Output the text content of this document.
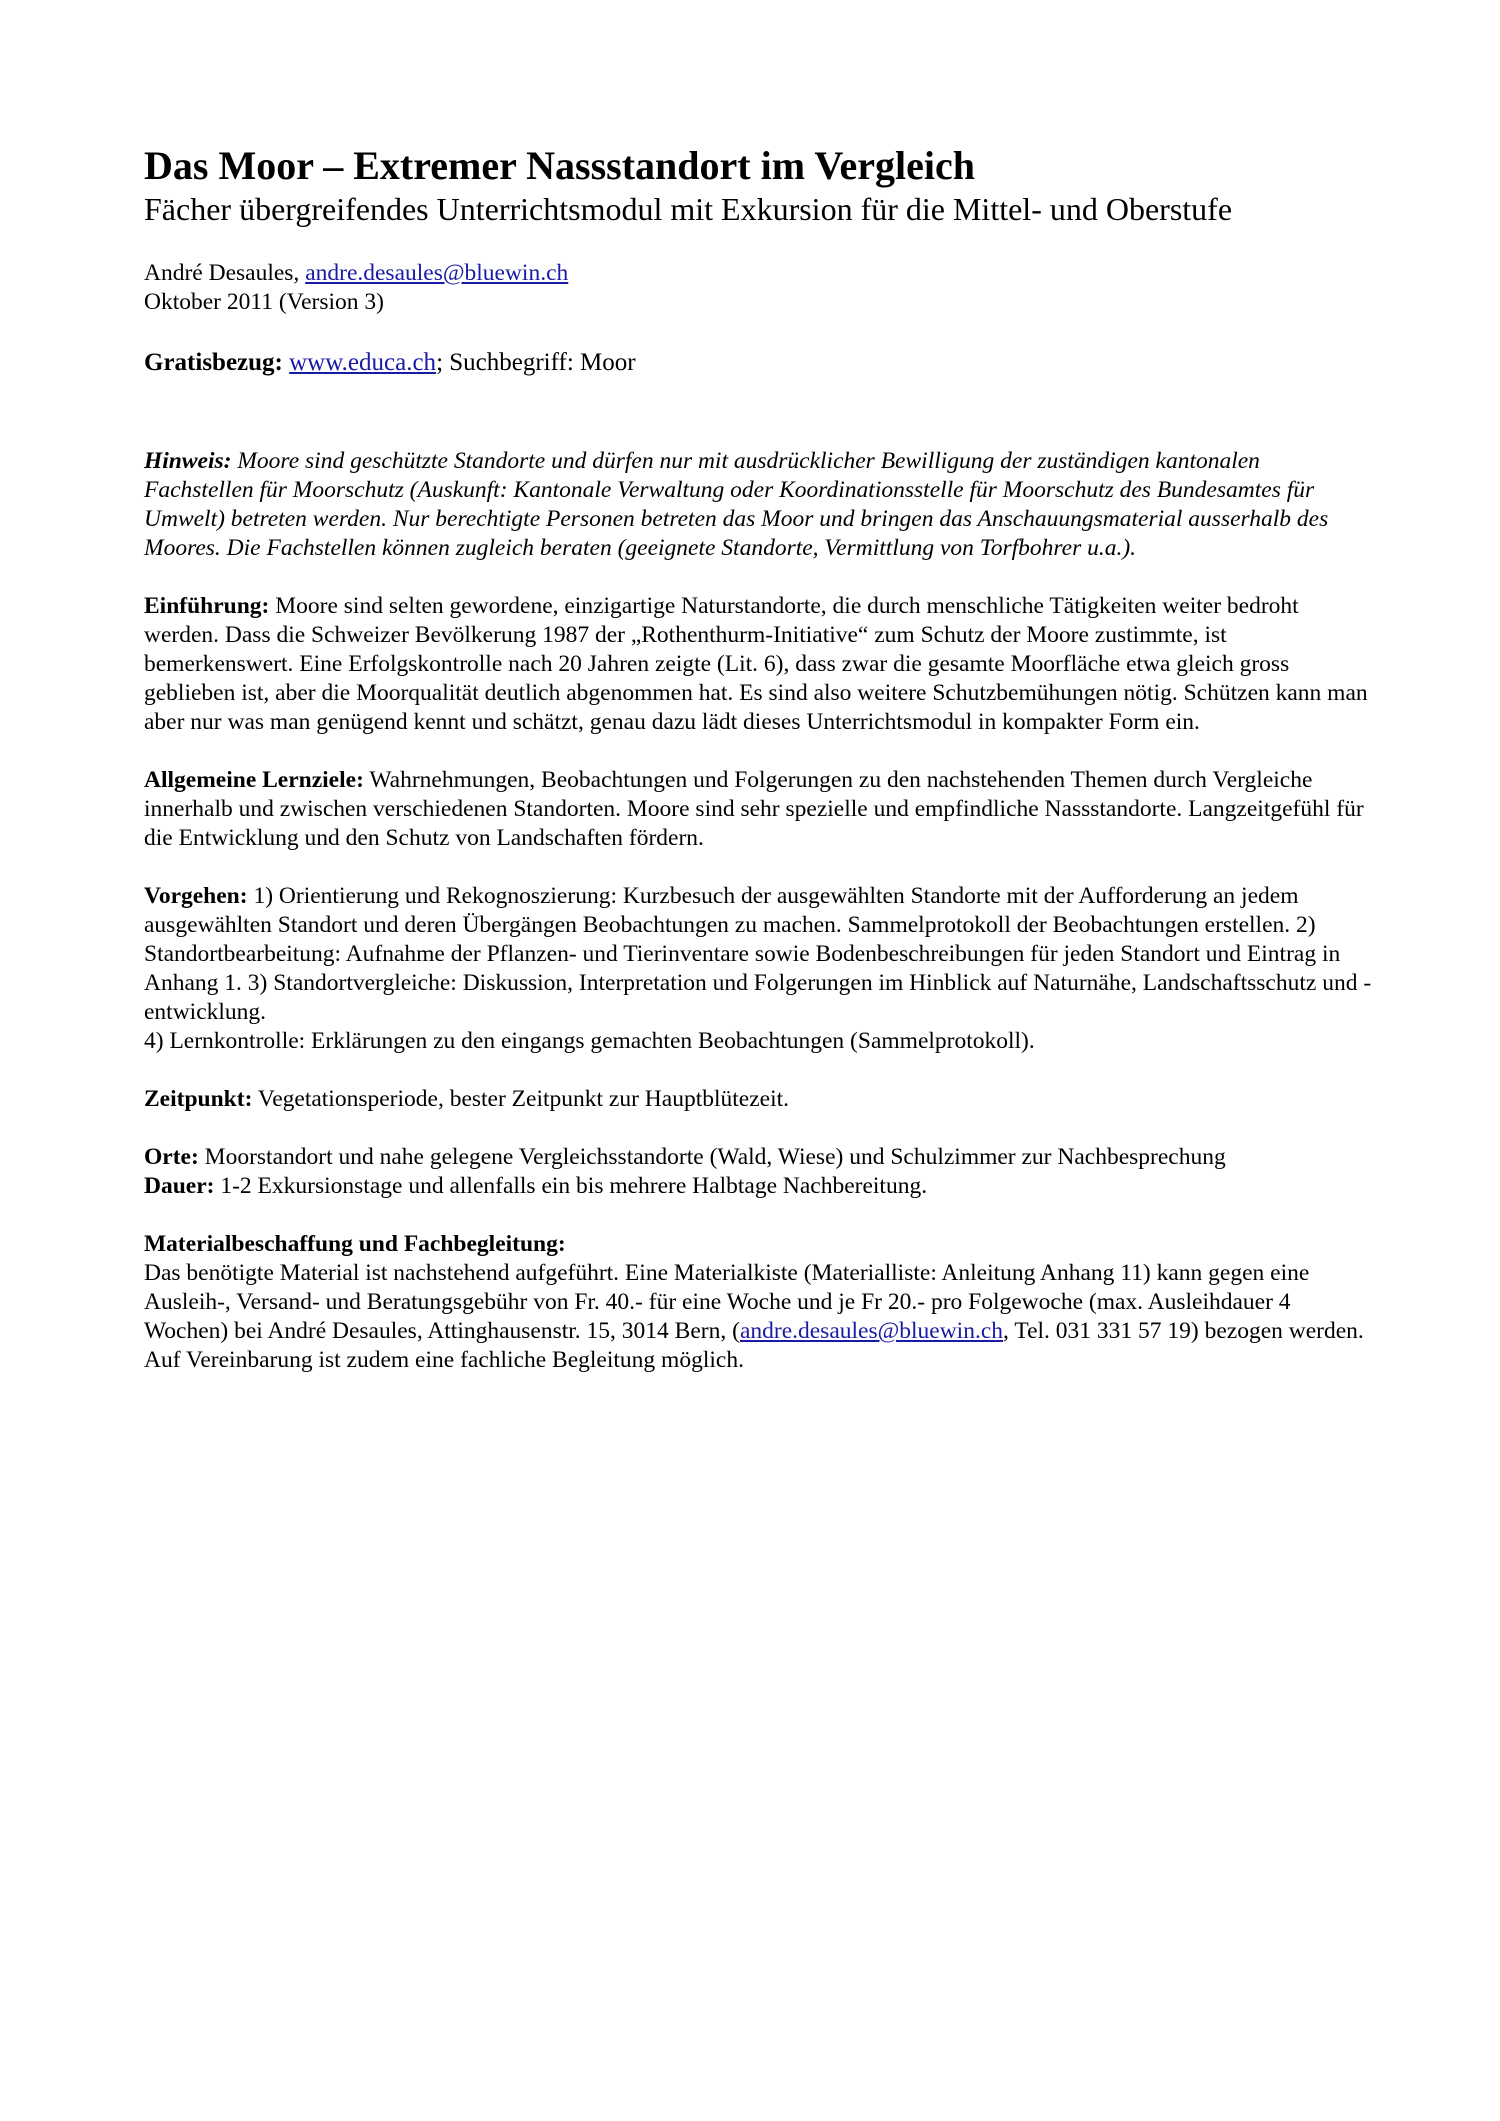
Das Moor – Extremer Nassstandort im Vergleich
Fächer übergreifendes Unterrichtsmodul mit Exkursion für die Mittel- und Oberstufe

André Desaules, andre.desaules@bluewin.ch

Oktober 2011 (Version 3)

Gratisbezug: www.educa.ch; Suchbegriff: Moor

Hinweis: Moore sind geschützte Standorte und dürfen nur mit ausdrücklicher Bewilligung der zuständigen kantonalen Fachstellen für Moorschutz (Auskunft: Kantonale Verwaltung oder Koordinationsstelle für Moorschutz des Bundesamtes für Umwelt) betreten werden. Nur berechtigte Personen betreten das Moor und bringen das Anschauungsmaterial ausserhalb des Moores. Die Fachstellen können zugleich beraten (geeignete Standorte, Vermittlung von Torfbohrer u.a.).

Einführung: Moore sind selten gewordene, einzigartige Naturstandorte, die durch menschliche Tätigkeiten weiter bedroht werden. Dass die Schweizer Bevölkerung 1987 der „Rothenthurm-Initiative“ zum Schutz der Moore zustimmte, ist bemerkenswert. Eine Erfolgskontrolle nach 20 Jahren zeigte (Lit. 6), dass zwar die gesamte Moorfläche etwa gleich gross geblieben ist, aber die Moorqualität deutlich abgenommen hat. Es sind also weitere Schutzbemühungen nötig. Schützen kann man aber nur was man genügend kennt und schätzt, genau dazu lädt dieses Unterrichtsmodul in kompakter Form ein.

Allgemeine Lernziele: Wahrnehmungen, Beobachtungen und Folgerungen zu den nachstehenden Themen durch Vergleiche innerhalb und zwischen verschiedenen Standorten. Moore sind sehr spezielle und empfindliche Nassstandorte. Langzeitgefühl für die Entwicklung und den Schutz von Landschaften fördern.

Vorgehen: 1) Orientierung und Rekognoszierung: Kurzbesuch der ausgewählten Standorte mit der Aufforderung an jedem ausgewählten Standort und deren Übergängen Beobachtungen zu machen. Sammelprotokoll der Beobachtungen erstellen. 2) Standortbearbeitung: Aufnahme der Pflanzen- und Tierinventare sowie Bodenbeschreibungen für jeden Standort und Eintrag in Anhang 1. 3) Standortvergleiche: Diskussion, Interpretation und Folgerungen im Hinblick auf Naturnähe, Landschaftsschutz und -entwicklung.

4) Lernkontrolle: Erklärungen zu den eingangs gemachten Beobachtungen (Sammelprotokoll).

Zeitpunkt: Vegetationsperiode, bester Zeitpunkt zur Hauptblütezeit.

Orte: Moorstandort und nahe gelegene Vergleichsstandorte (Wald, Wiese) und Schulzimmer zur Nachbesprechung

Dauer: 1-2 Exkursionstage und allenfalls ein bis mehrere Halbtage Nachbereitung.

Materialbeschaffung und Fachbegleitung:

Das benötigte Material ist nachstehend aufgeführt. Eine Materialkiste (Materialliste: Anleitung Anhang 11) kann gegen eine Ausleih-, Versand- und Beratungsgebühr von Fr. 40.- für eine Woche und je Fr 20.- pro Folgewoche (max. Ausleihdauer 4 Wochen) bei André Desaules, Attinghausenstr. 15, 3014 Bern, (andre.desaules@bluewin.ch, Tel. 031 331 57 19) bezogen werden. Auf Vereinbarung ist zudem eine fachliche Begleitung möglich.
